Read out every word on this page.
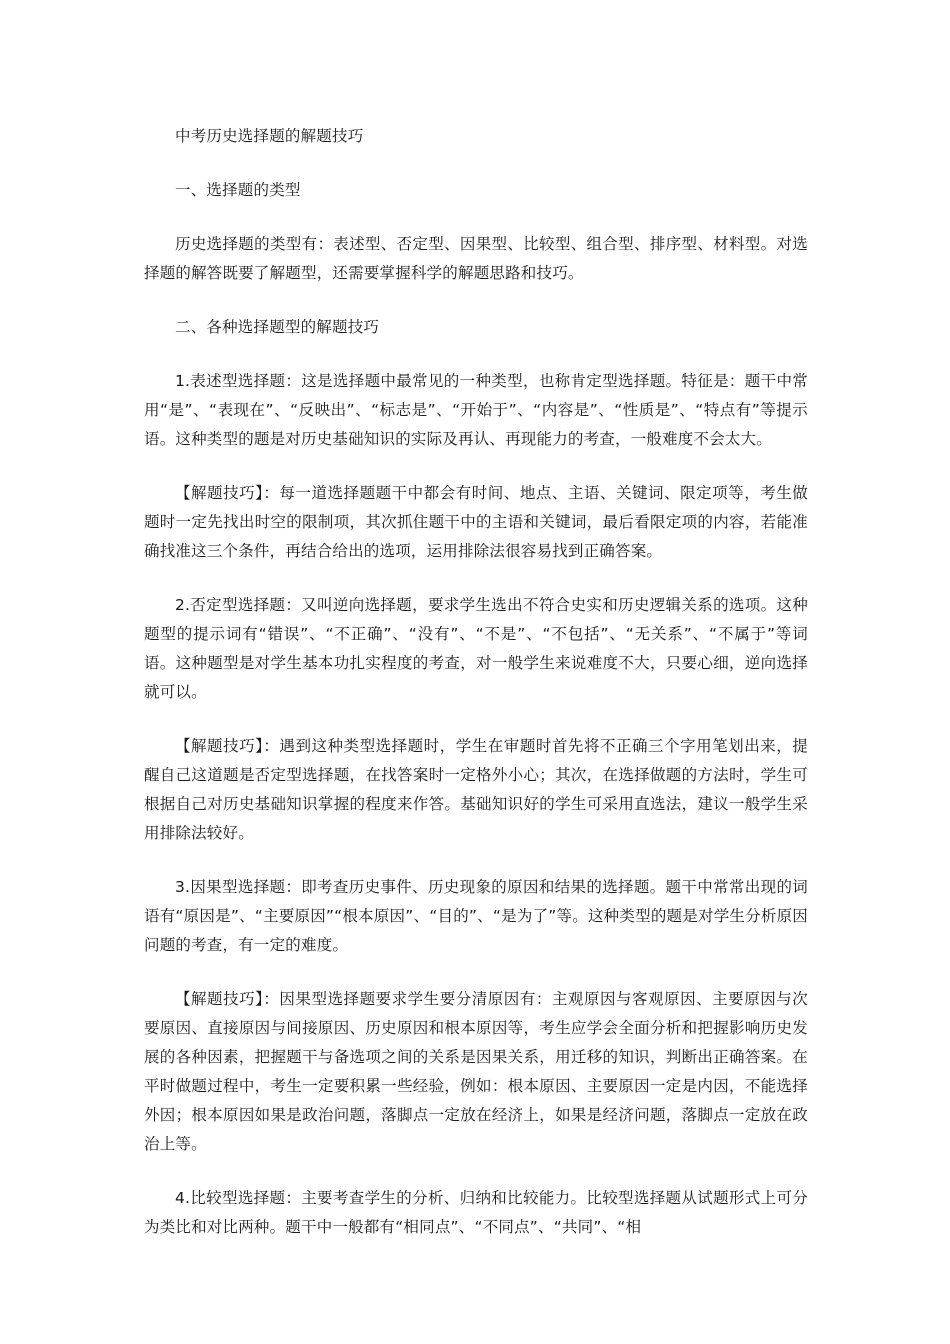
中考历史选择题的解题技巧

一、选择题的类型

历史选择题的类型有：表述型、否定型、因果型、比较型、组合型、排序型、材料型。对选择题的解答既要了解题型，还需要掌握科学的解题思路和技巧。

二、各种选择题型的解题技巧

1.表述型选择题：这是选择题中最常见的一种类型，也称肯定型选择题。特征是：题干中常用“是”、“表现在”、“反映出”、“标志是”、“开始于”、“内容是”、“性质是”、“特点有”等提示语。这种类型的题是对历史基础知识的实际及再认、再现能力的考查，一般难度不会太大。

【解题技巧】：每一道选择题题干中都会有时间、地点、主语、关键词、限定项等，考生做题时一定先找出时空的限制项，其次抓住题干中的主语和关键词，最后看限定项的内容，若能准确找准这三个条件，再结合给出的选项，运用排除法很容易找到正确答案。

2.否定型选择题：又叫逆向选择题，要求学生选出不符合史实和历史逻辑关系的选项。这种题型的提示词有“错误”、“不正确”、“没有”、“不是”、“不包括”、“无关系”、“不属于”等词语。这种题型是对学生基本功扎实程度的考查，对一般学生来说难度不大，只要心细，逆向选择就可以。

【解题技巧】：遇到这种类型选择题时，学生在审题时首先将不正确三个字用笔划出来，提醒自己这道题是否定型选择题，在找答案时一定格外小心；其次，在选择做题的方法时，学生可根据自己对历史基础知识掌握的程度来作答。基础知识好的学生可采用直选法，建议一般学生采用排除法较好。

3.因果型选择题：即考查历史事件、历史现象的原因和结果的选择题。题干中常常出现的词语有“原因是”、“主要原因”“根本原因”、“目的”、“是为了”等。这种类型的题是对学生分析原因问题的考查，有一定的难度。

【解题技巧】：因果型选择题要求学生要分清原因有：主观原因与客观原因、主要原因与次要原因、直接原因与间接原因、历史原因和根本原因等，考生应学会全面分析和把握影响历史发展的各种因素，把握题干与备选项之间的关系是因果关系，用迁移的知识，判断出正确答案。在平时做题过程中，考生一定要积累一些经验，例如：根本原因、主要原因一定是内因，不能选择外因；根本原因如果是政治问题，落脚点一定放在经济上，如果是经济问题，落脚点一定放在政治上等。

4.比较型选择题：主要考查学生的分析、归纳和比较能力。比较型选择题从试题形式上可分为类比和对比两种。题干中一般都有“相同点”、“不同点”、“共同”、“相
